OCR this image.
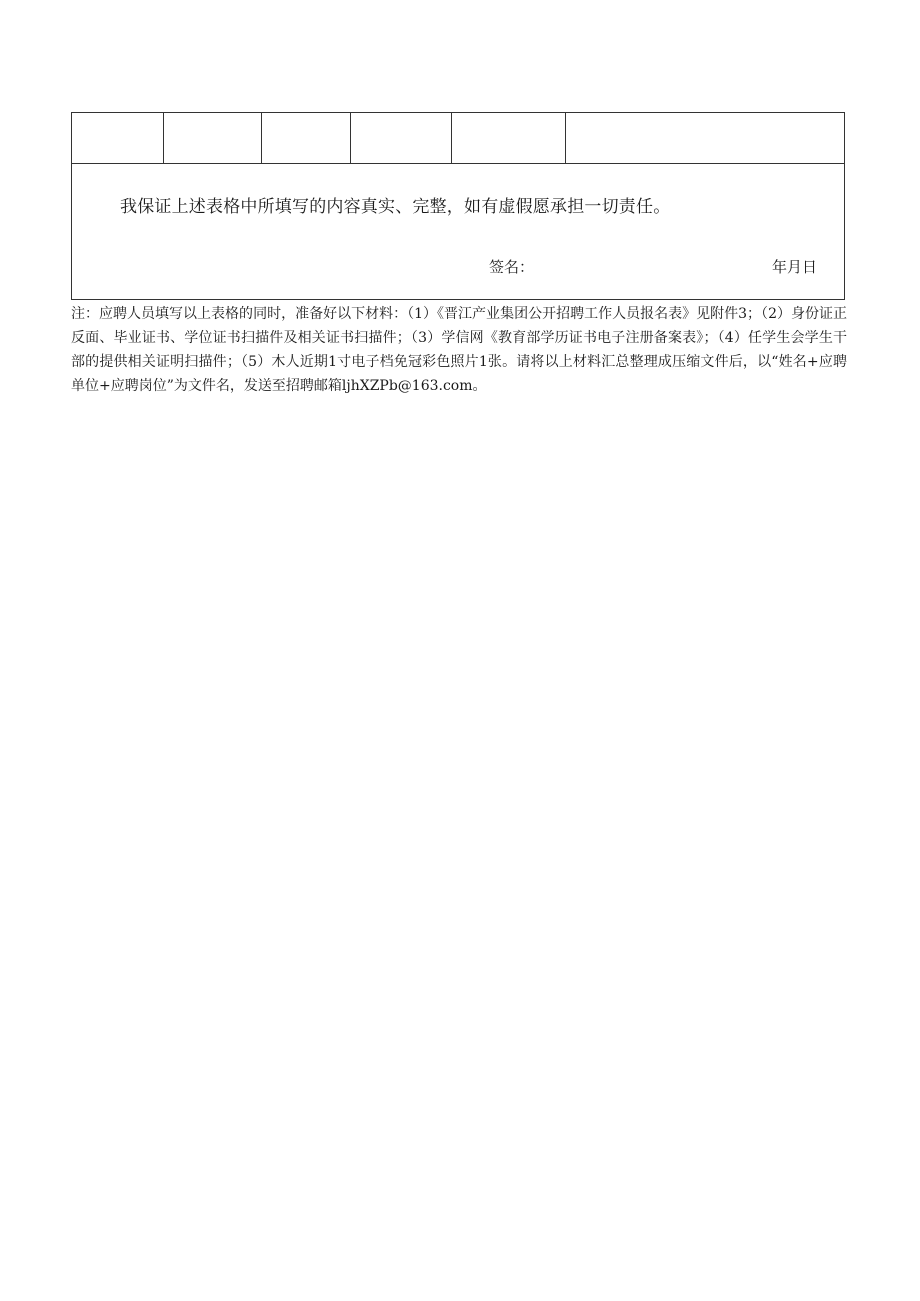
我保证上述表格中所填写的内容真实、完整，如有虚假愿承担一切责任。
签名：	年月日
注：应聘人员填写以上表格的同时，准备好以下材料：（1）《晋江产业集团公开招聘工作人员报名表》见附件3；（2）身份证正反面、毕业证书、学位证书扫描件及相关证书扫描件；（3）学信网《教育部学历证书电子注册备案表》；（4）任学生会学生干部的提供相关证明扫描件；（5）木人近期1寸电子档免冠彩色照片1张。请将以上材料汇总整理成压缩文件后，以“姓名+应聘单位+应聘岗位”为文件名，发送至招聘邮箱ljhXZPb@163.com。
